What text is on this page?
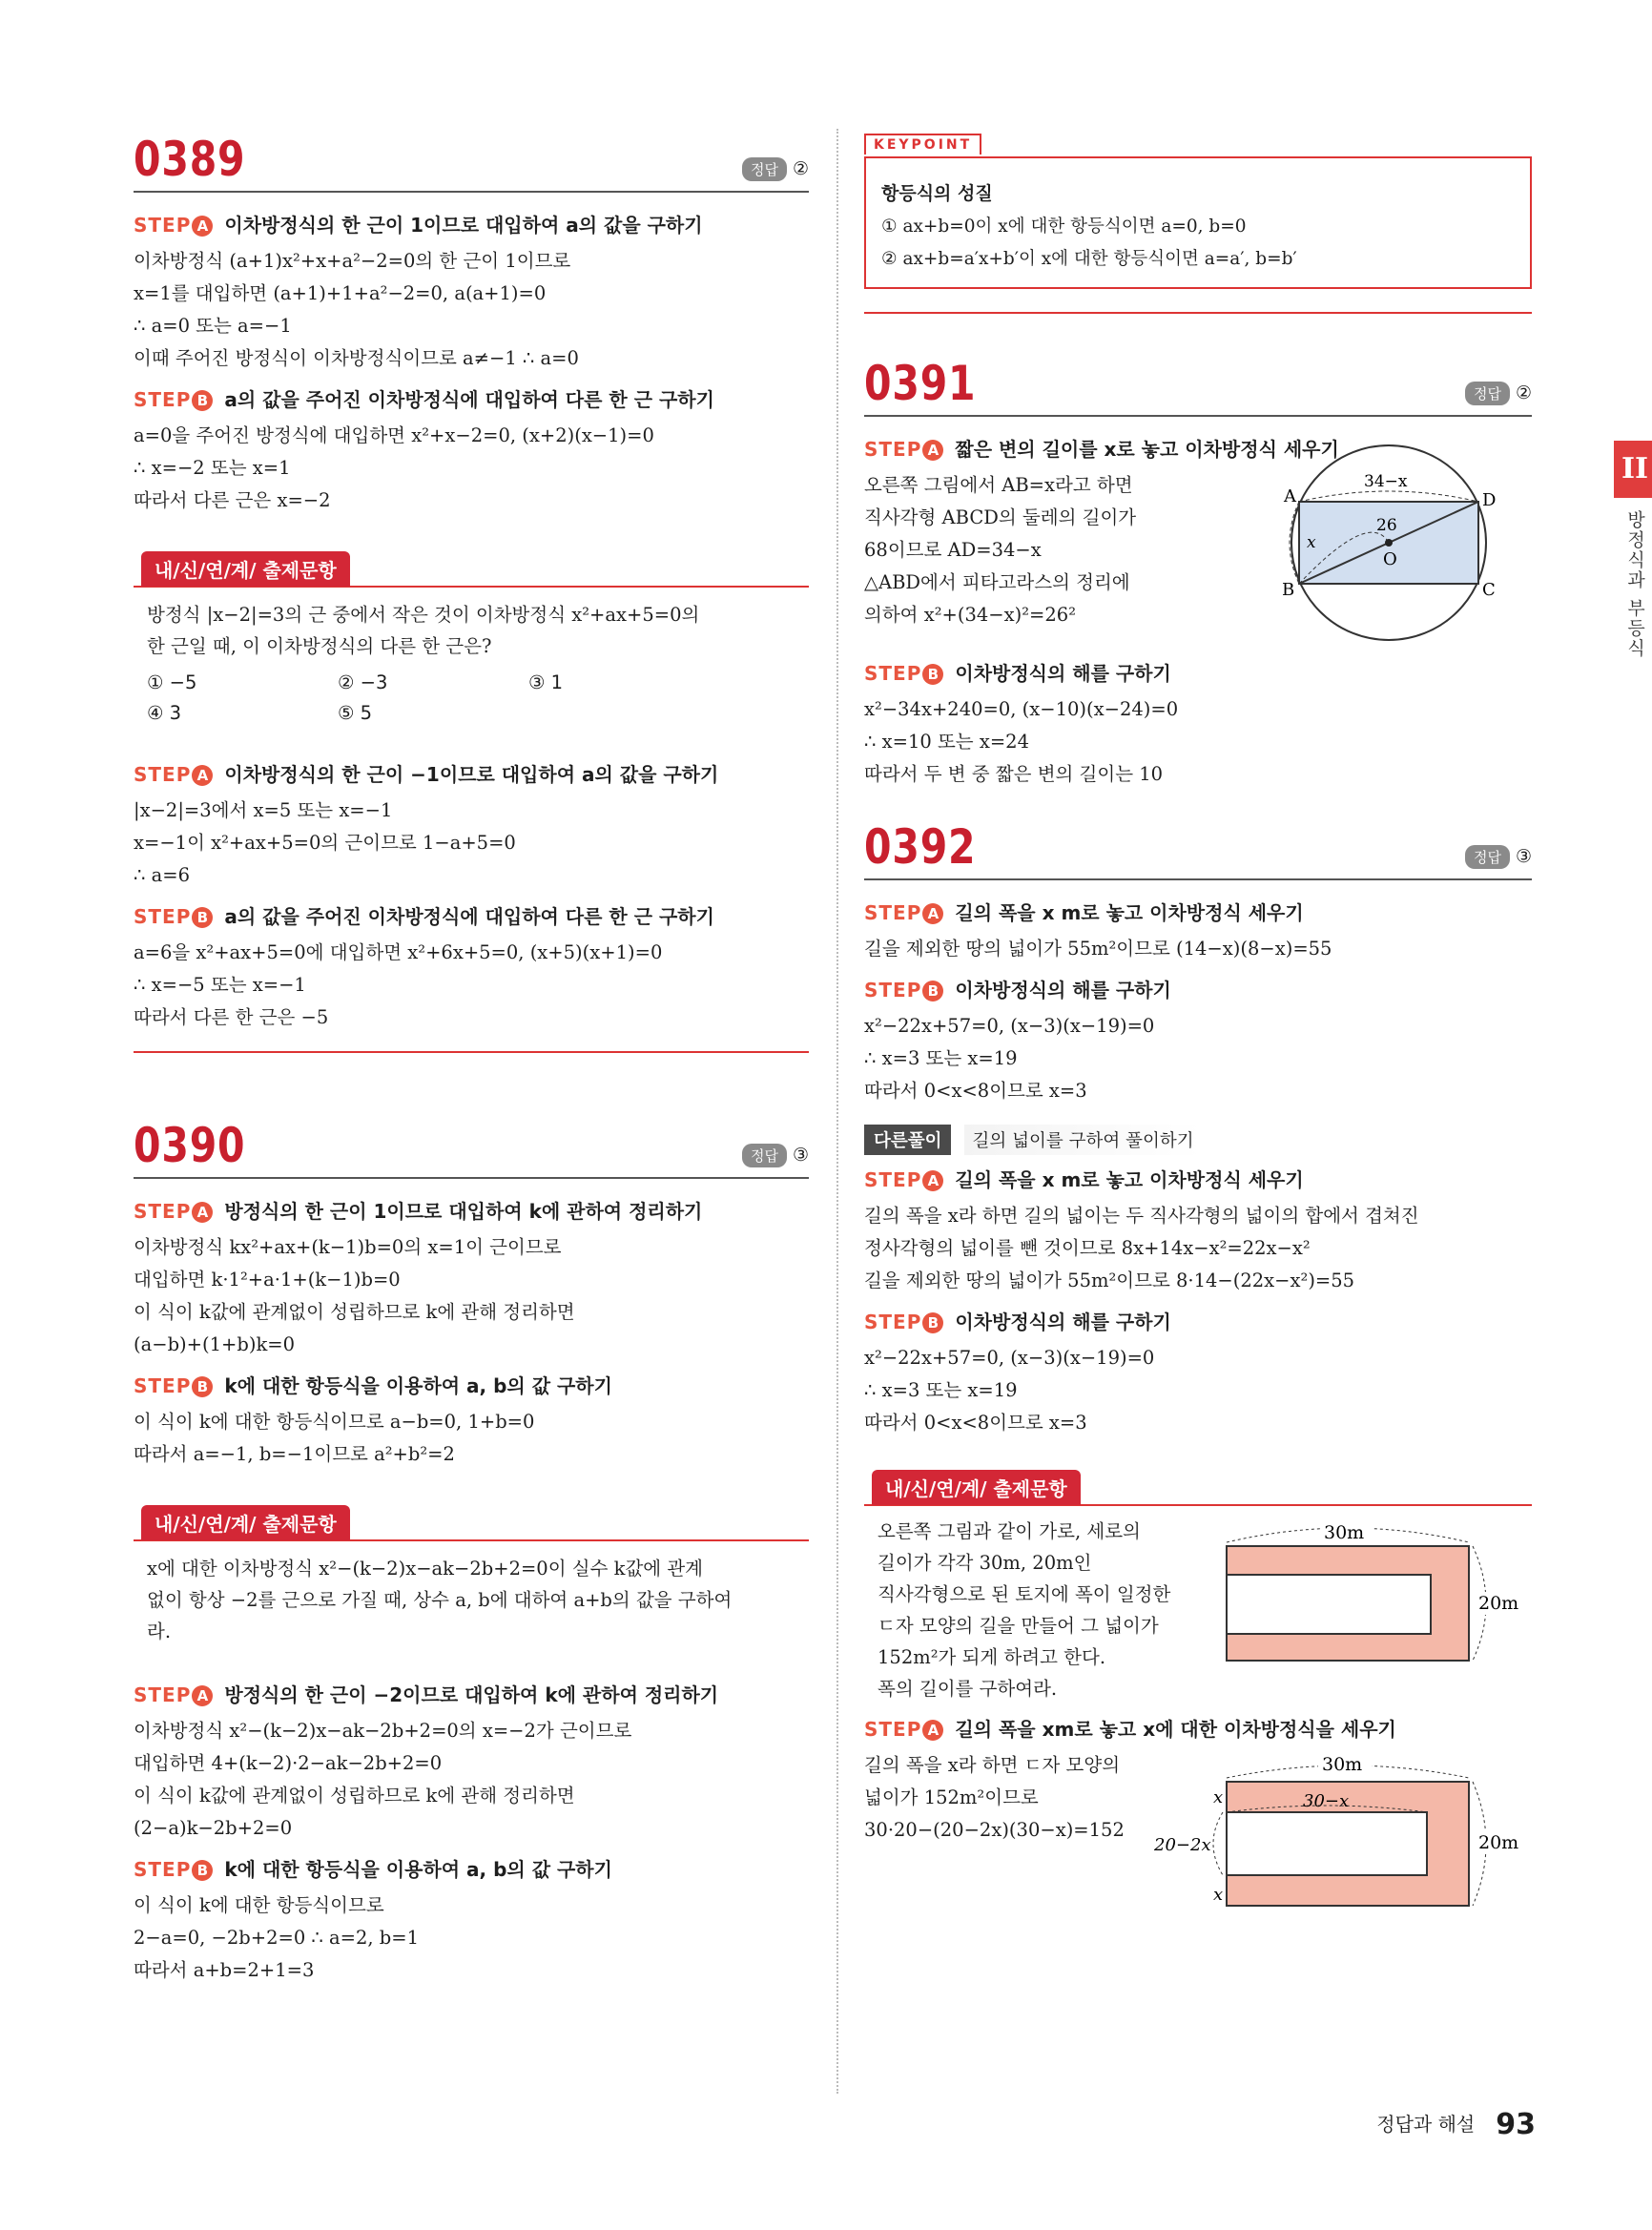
0389	정답 ②
STEP A 이차방정식의 한 근이 1이므로 대입하여 a의 값을 구하기
이차방정식 (a+1)x²+x+a²−2=0의 한 근이 1이므로
x=1를 대입하면 (a+1)+1+a²−2=0, a(a+1)=0
∴ a=0 또는 a=−1
이때 주어진 방정식이 이차방정식이므로 a≠−1 ∴ a=0
STEP B a의 값을 주어진 이차방정식에 대입하여 다른 한 근 구하기
a=0을 주어진 방정식에 대입하면 x²+x−2=0, (x+2)(x−1)=0
∴ x=−2 또는 x=1
따라서 다른 근은 x=−2
내/신/연/계/ 출제문항
방정식 |x−2|=3의 근 중에서 작은 것이 이차방정식 x²+ax+5=0의
한 근일 때, 이 이차방정식의 다른 한 근은?
① −5	② −3	③ 1
④ 3	⑤ 5
STEP A 이차방정식의 한 근이 −1이므로 대입하여 a의 값을 구하기
|x−2|=3에서 x=5 또는 x=−1
x=−1이 x²+ax+5=0의 근이므로 1−a+5=0
∴ a=6
STEP B a의 값을 주어진 이차방정식에 대입하여 다른 한 근 구하기
a=6을 x²+ax+5=0에 대입하면 x²+6x+5=0, (x+5)(x+1)=0
∴ x=−5 또는 x=−1
따라서 다른 한 근은 −5
0390	정답 ③
STEP A 방정식의 한 근이 1이므로 대입하여 k에 관하여 정리하기
이차방정식 kx²+ax+(k−1)b=0의 x=1이 근이므로
대입하면 k·1²+a·1+(k−1)b=0
이 식이 k값에 관계없이 성립하므로 k에 관해 정리하면
(a−b)+(1+b)k=0
STEP B k에 대한 항등식을 이용하여 a, b의 값 구하기
이 식이 k에 대한 항등식이므로 a−b=0, 1+b=0
따라서 a=−1, b=−1이므로 a²+b²=2
내/신/연/계/ 출제문항
x에 대한 이차방정식 x²−(k−2)x−ak−2b+2=0이 실수 k값에 관계
없이 항상 −2를 근으로 가질 때, 상수 a, b에 대하여 a+b의 값을 구하여
라.
STEP A 방정식의 한 근이 −2이므로 대입하여 k에 관하여 정리하기
이차방정식 x²−(k−2)x−ak−2b+2=0의 x=−2가 근이므로
대입하면 4+(k−2)·2−ak−2b+2=0
이 식이 k값에 관계없이 성립하므로 k에 관해 정리하면
(2−a)k−2b+2=0
STEP B k에 대한 항등식을 이용하여 a, b의 값 구하기
이 식이 k에 대한 항등식이므로
2−a=0, −2b+2=0 ∴ a=2, b=1
따라서 a+b=2+1=3
KEYPOINT
항등식의 성질
① ax+b=0이 x에 대한 항등식이면 a=0, b=0
② ax+b=a′x+b′이 x에 대한 항등식이면 a=a′, b=b′
0391	정답 ②
STEP A 짧은 변의 길이를 x로 놓고 이차방정식 세우기
오른쪽 그림에서 AB=x라고 하면
직사각형 ABCD의 둘레의 길이가
68이므로 AD=34−x
△ABD에서 피타고라스의 정리에
의하여 x²+(34−x)²=26²
A
B	C
D
O
34−x
26
x
STEP B 이차방정식의 해를 구하기
x²−34x+240=0, (x−10)(x−24)=0
∴ x=10 또는 x=24
따라서 두 변 중 짧은 변의 길이는 10
0392	정답 ③
STEP A 길의 폭을 x m로 놓고 이차방정식 세우기
길을 제외한 땅의 넓이가 55m²이므로 (14−x)(8−x)=55
STEP B 이차방정식의 해를 구하기
x²−22x+57=0, (x−3)(x−19)=0
∴ x=3 또는 x=19
따라서 0<x<8이므로 x=3
다른풀이 길의 넓이를 구하여 풀이하기
STEP A 길의 폭을 x m로 놓고 이차방정식 세우기
길의 폭을 x라 하면 길의 넓이는 두 직사각형의 넓이의 합에서 겹쳐진
정사각형의 넓이를 뺀 것이므로 8x+14x−x²=22x−x²
길을 제외한 땅의 넓이가 55m²이므로 8·14−(22x−x²)=55
STEP B 이차방정식의 해를 구하기
x²−22x+57=0, (x−3)(x−19)=0
∴ x=3 또는 x=19
따라서 0<x<8이므로 x=3
내/신/연/계/ 출제문항
오른쪽 그림과 같이 가로, 세로의
길이가 각각 30m, 20m인
직사각형으로 된 토지에 폭이 일정한
ㄷ자 모양의 길을 만들어 그 넓이가
152m²가 되게 하려고 한다.
폭의 길이를 구하여라.
30m
20m
STEP A 길의 폭을 xm로 놓고 x에 대한 이차방정식을 세우기
길의 폭을 x라 하면 ㄷ자 모양의
넓이가 152m²이므로
30·20−(20−2x)(30−x)=152
30m
20m
30−x
20−2x
x
x
II
방정식과 부등식
정답과 해설 93
